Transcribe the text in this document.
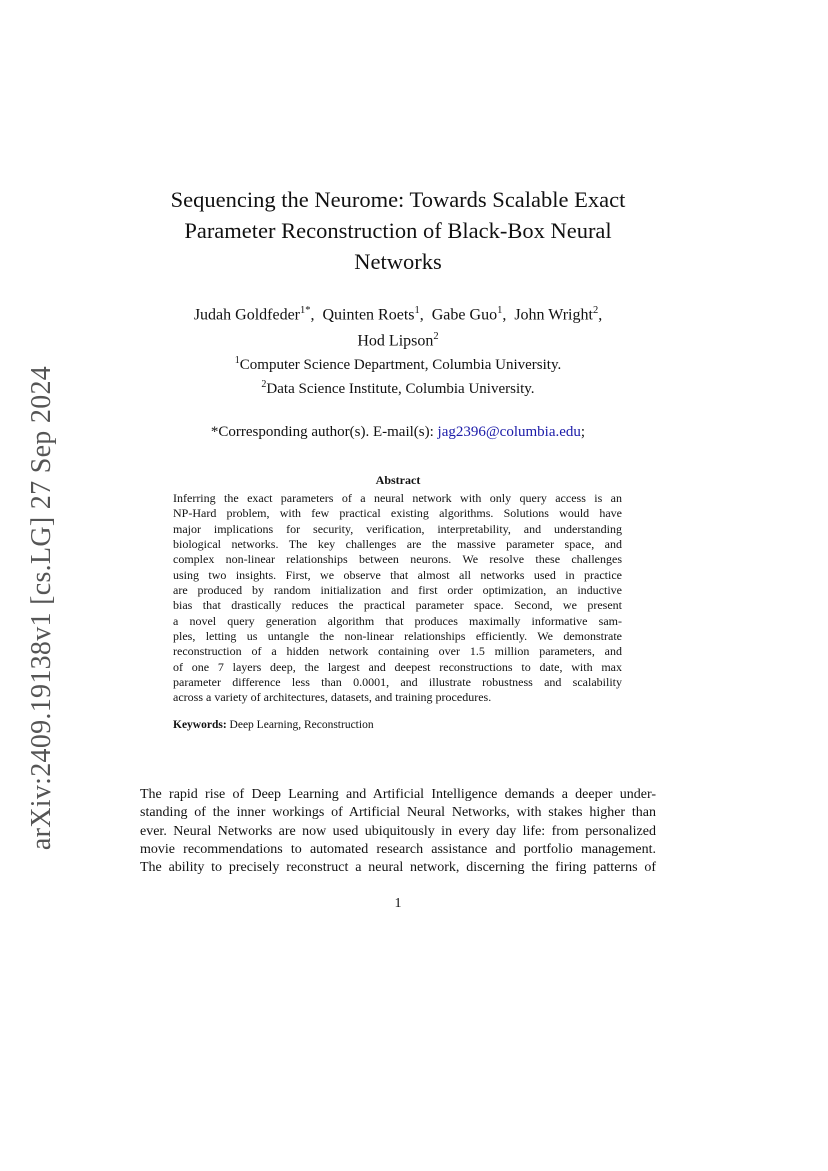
arXiv:2409.19138v1 [cs.LG] 27 Sep 2024
Sequencing the Neurome: Towards Scalable Exact
Parameter Reconstruction of Black-Box Neural
Networks
Judah Goldfeder$^{1*}$,  Quinten Roets$^1$,  Gabe Guo$^1$,  John Wright$^2$,
Hod Lipson$^2$
$^1$Computer Science Department, Columbia University.
$^2$Data Science Institute, Columbia University.
*Corresponding author(s). E-mail(s): jag2396@columbia.edu;
Abstract
Inferring the exact parameters of a neural network with only query access is an
NP-Hard problem, with few practical existing algorithms. Solutions would have
major implications for security, verification, interpretability, and understanding
biological networks. The key challenges are the massive parameter space, and
complex non-linear relationships between neurons. We resolve these challenges
using two insights. First, we observe that almost all networks used in practice
are produced by random initialization and first order optimization, an inductive
bias that drastically reduces the practical parameter space. Second, we present
a novel query generation algorithm that produces maximally informative sam-
ples, letting us untangle the non-linear relationships efficiently. We demonstrate
reconstruction of a hidden network containing over 1.5 million parameters, and
of one 7 layers deep, the largest and deepest reconstructions to date, with max
parameter difference less than 0.0001, and illustrate robustness and scalability
across a variety of architectures, datasets, and training procedures.
Keywords: Deep Learning, Reconstruction
The rapid rise of Deep Learning and Artificial Intelligence demands a deeper under-
standing of the inner workings of Artificial Neural Networks, with stakes higher than
ever. Neural Networks are now used ubiquitously in every day life: from personalized
movie recommendations to automated research assistance and portfolio management.
The ability to precisely reconstruct a neural network, discerning the firing patterns of
1
